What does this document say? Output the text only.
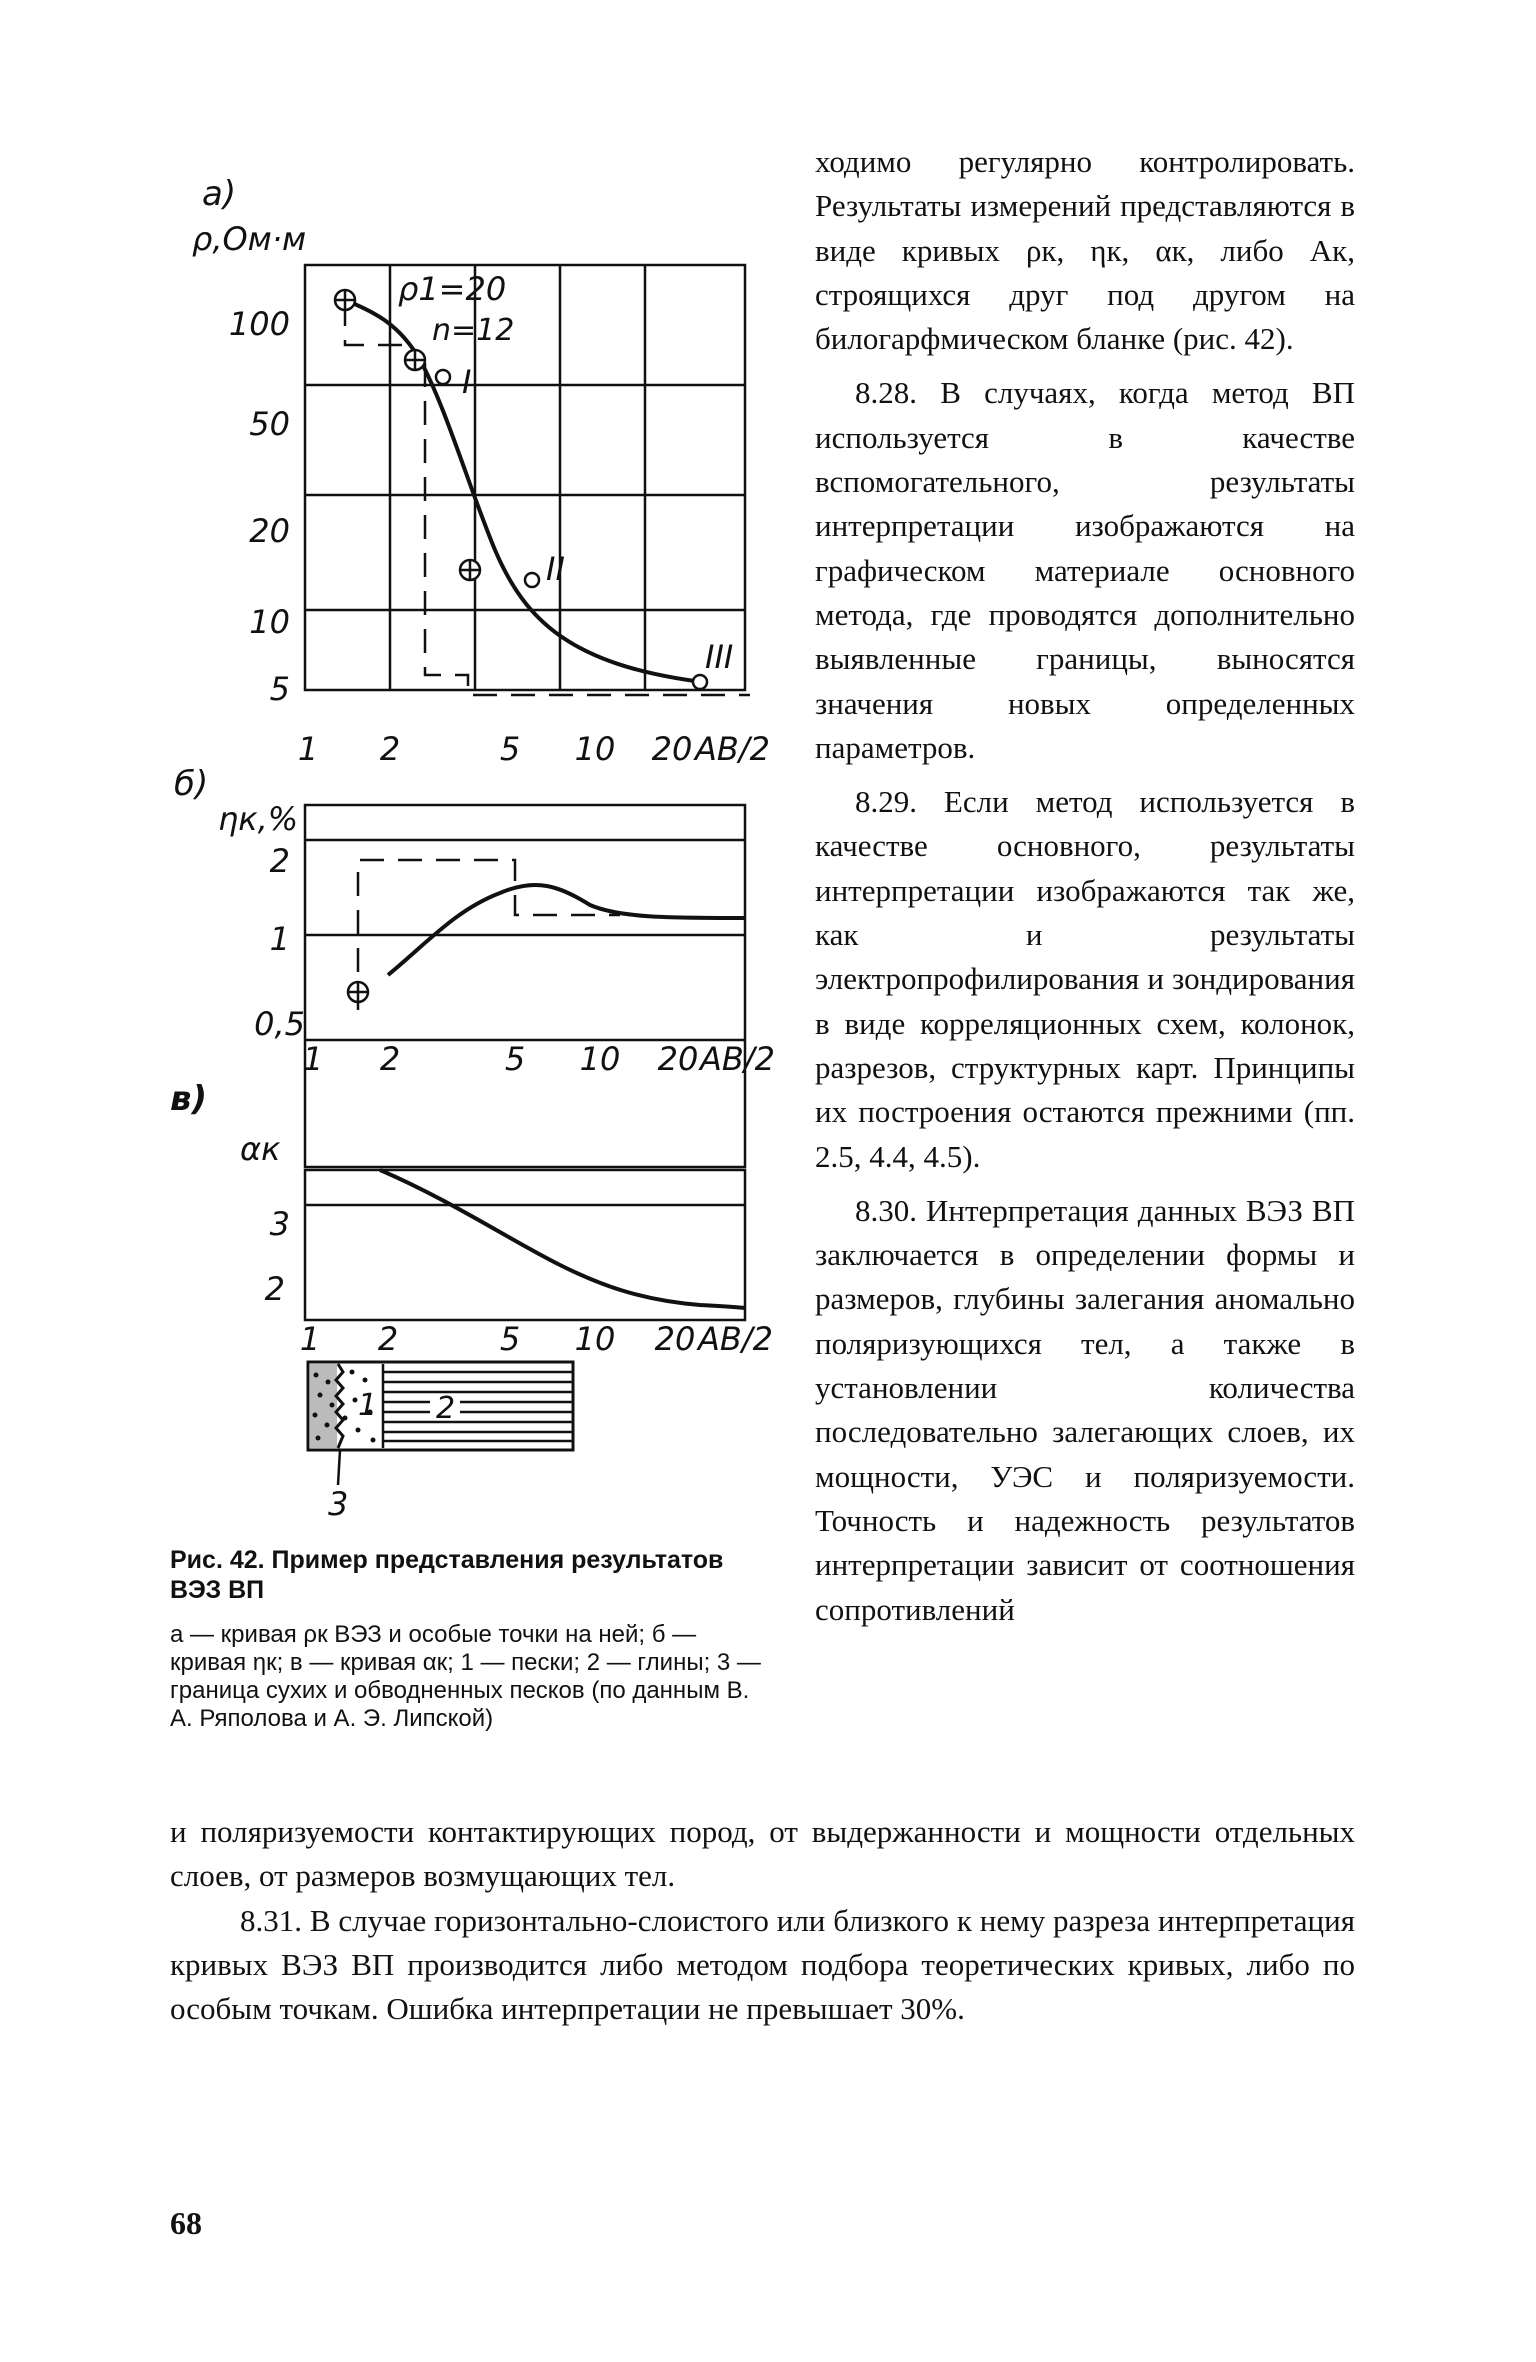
а)
ρ,Ом·м
100
50
20
10
5
ρ1=20
n=12
I
II
III
1 2	5 10 20 АВ/2
б)
ηк,%
2
1
0,5
1 2	5 10 20 АВ/2
в)
αк
3
2
1 2	5 10 20 АВ/2
1 2
3

Рис. 42. Пример представления результатов ВЭЗ ВП

а — кривая ρк ВЭЗ и особые точки на ней; б — кривая ηк; в — кривая αк; 1 — пески; 2 — глины; 3 — граница сухих и обводненных песков (по данным В. А. Ряполова и А. Э. Липской)

ходимо регулярно контролировать. Результаты измерений представляются в виде кривых ρк, ηк, αк, либо Ак, строящихся друг под другом на билогарфмическом бланке (рис. 42).

8.28. В случаях, когда метод ВП используется в качестве вспомогательного, результаты интерпретации изображаются на графическом материале основного метода, где проводятся дополнительно выявленные границы, выносятся значения новых определенных параметров.

8.29. Если метод используется в качестве основного, результаты интерпретации изображаются так же, как и результаты электропрофилирования и зондирования в виде корреляционных схем, колонок, разрезов, структурных карт. Принципы их построения остаются прежними (пп. 2.5, 4.4, 4.5).

8.30. Интерпретация данных ВЭЗ ВП заключается в определении формы и размеров, глубины залегания аномально поляризующихся тел, а также в установлении количества последовательно залегающих слоев, их мощности, УЭС и поляризуемости. Точность и надежность результатов интерпретации зависит от соотношения сопротивлений

и поляризуемости контактирующих пород, от выдержанности и мощности отдельных слоев, от размеров возмущающих тел.

8.31. В случае горизонтально-слоистого или близкого к нему разреза интерпретация кривых ВЭЗ ВП производится либо методом подбора теоретических кривых, либо по особым точкам. Ошибка интерпретации не превышает 30%.

68
